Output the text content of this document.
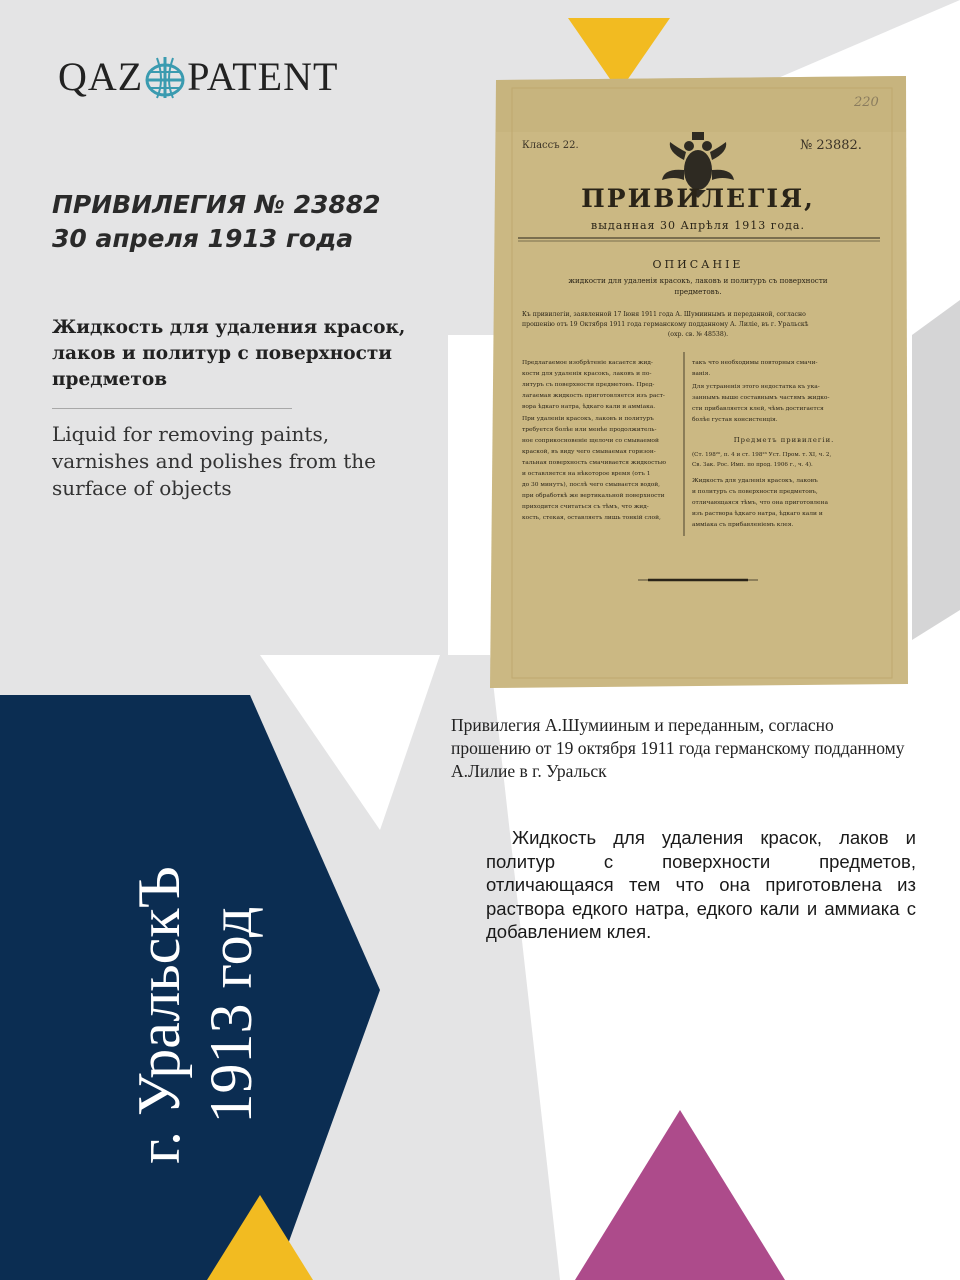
QAZ PATENT
ПРИВИЛЕГИЯ № 23882
30 апреля 1913 года
Жидкость для удаления красок, лаков и политур с поверхности предметов
Liquid for removing paints, varnishes and polishes from the surface of objects
220
Классъ 22.	№ 23882.
ПРИВИЛЕГІЯ,
выданная 30 Апрѣля 1913 года.
ОПИСАНІЕ
жидкости для удаленія красокъ, лаковъ и политуръ съ поверхности
предметовъ.
Къ привилегіи, заявленной 17 Іюня 1911 года А. Шумиинымъ и переданной, согласно
прошенію отъ 19 Октября 1911 года германскому подданному А. Лиліе, въ г. Уральскѣ
(охр. св. № 48538).
Предлагаемое изобрѣтеніе касается жид-
кости для удаленія красокъ, лаковъ и по-
литуръ съ поверхности предметовъ. Пред-
лагаемая жидкость приготовляется изъ раст-
вора ѣдкаго натра, ѣдкаго кали и аммiака.
При удаленіи красокъ, лаковъ и политуръ
требуется болѣе или менѣе продолжитель-
ное соприкосновеніе щелочи со смываемой
краской, въ виду чего смываемая горизон-
тальная поверхность смачивается жидкостью
и оставляется на нѣкоторое время (отъ 1
до 30 минутъ), послѣ чего смывается водой,
при обработкѣ же вертикальной поверхности
приходится считаться съ тѣмъ, что жид-
кость, стекая, оставляетъ лишь тонкій слой,
такъ что необходимы повторныя смачи-
ванія.
Для устраненія этого недостатка къ ука-
заннымъ выше составнымъ частямъ жидко-
сти прибавляется клей, чѣмъ достигается
болѣе густая консистенція.
Предметъ привилегіи.
(Ст. 198²⁰, п. 4 и ст. 198²³ Уст. Пром. т. XI, ч. 2,
Св. Зак. Рос. Имп. по прод. 1906 г., ч. 4).
Жидкость для удаленія красокъ, лаковъ
и политуръ съ поверхности предметовъ,
отличающаяся тѣмъ, что она приготовлена
изъ раствора ѣдкаго натра, ѣдкаго кали и
аммiака съ прибавленіемъ клея.
Привилегия А.Шумииным и переданным, согласно прошению от 19 октября 1911 года германскому подданному А.Лилие в г. Уральск
Жидкость для удаления красок, лаков и политур с поверхности предметов, отличающаяся тем что она приготовлена из раствора едкого натра, едкого кали и аммиака с добавлением клея.
г. УральскЪ 1913 год
